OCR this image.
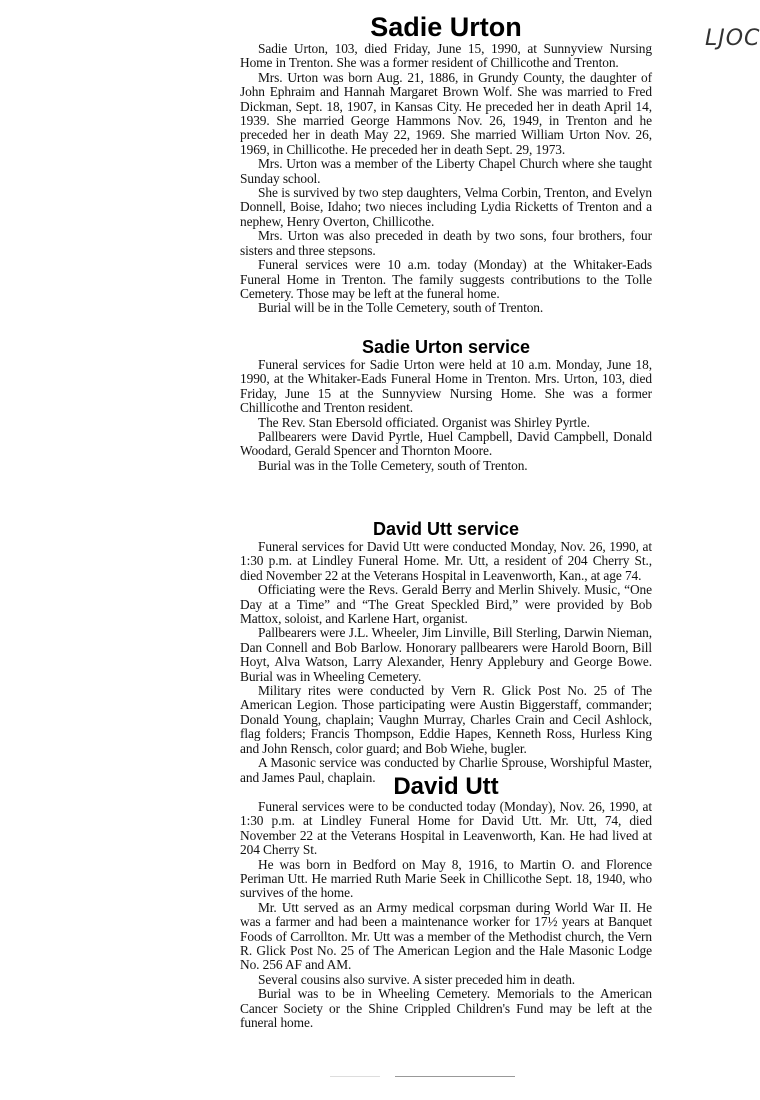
LJOC
Sadie Urton

Sadie Urton, 103, died Friday, June 15, 1990, at Sunnyview Nursing Home in Trenton. She was a former resident of Chillicothe and Trenton.

Mrs. Urton was born Aug. 21, 1886, in Grundy County, the daughter of John Ephraim and Hannah Margaret Brown Wolf. She was married to Fred Dickman, Sept. 18, 1907, in Kansas City. He preceded her in death April 14, 1939. She married George Hammons Nov. 26, 1949, in Trenton and he preceded her in death May 22, 1969. She married William Urton Nov. 26, 1969, in Chillicothe. He preceded her in death Sept. 29, 1973.

Mrs. Urton was a member of the Liberty Chapel Church where she taught Sunday school.

She is survived by two step daughters, Velma Corbin, Trenton, and Evelyn Donnell, Boise, Idaho; two nieces including Lydia Ricketts of Trenton and a nephew, Henry Overton, Chillicothe.

Mrs. Urton was also preceded in death by two sons, four brothers, four sisters and three stepsons.

Funeral services were 10 a.m. today (Monday) at the Whitaker-Eads Funeral Home in Trenton. The family suggests contributions to the Tolle Cemetery. Those may be left at the funeral home.

Burial will be in the Tolle Cemetery, south of Trenton.

Sadie Urton service

Funeral services for Sadie Urton were held at 10 a.m. Monday, June 18, 1990, at the Whitaker-Eads Funeral Home in Trenton. Mrs. Urton, 103, died Friday, June 15 at the Sunnyview Nursing Home. She was a former Chillicothe and Trenton resident.

The Rev. Stan Ebersold officiated. Organist was Shirley Pyrtle.

Pallbearers were David Pyrtle, Huel Campbell, David Campbell, Donald Woodard, Gerald Spencer and Thornton Moore.

Burial was in the Tolle Cemetery, south of Trenton.

David Utt service

Funeral services for David Utt were conducted Monday, Nov. 26, 1990, at 1:30 p.m. at Lindley Funeral Home. Mr. Utt, a resident of 204 Cherry St., died November 22 at the Veterans Hospital in Leavenworth, Kan., at age 74.

Officiating were the Revs. Gerald Berry and Merlin Shively. Music, “One Day at a Time” and “The Great Speckled Bird,” were provided by Bob Mattox, soloist, and Karlene Hart, organist.

Pallbearers were J.L. Wheeler, Jim Linville, Bill Sterling, Darwin Nieman, Dan Connell and Bob Barlow. Honorary pallbearers were Harold Boorn, Bill Hoyt, Alva Watson, Larry Alexander, Henry Applebury and George Bowe. Burial was in Wheeling Cemetery.

Military rites were conducted by Vern R. Glick Post No. 25 of The American Legion. Those participating were Austin Biggerstaff, commander; Donald Young, chaplain; Vaughn Murray, Charles Crain and Cecil Ashlock, flag folders; Francis Thompson, Eddie Hapes, Kenneth Ross, Hurless King and John Rensch, color guard; and Bob Wiehe, bugler.

A Masonic service was conducted by Charlie Sprouse, Worshipful Master, and James Paul, chaplain. David Utt

Funeral services were to be conducted today (Monday), Nov. 26, 1990, at 1:30 p.m. at Lindley Funeral Home for David Utt. Mr. Utt, 74, died November 22 at the Veterans Hospital in Leavenworth, Kan. He had lived at 204 Cherry St.

He was born in Bedford on May 8, 1916, to Martin O. and Florence Periman Utt. He married Ruth Marie Seek in Chillicothe Sept. 18, 1940, who survives of the home.

Mr. Utt served as an Army medical corpsman during World War II. He was a farmer and had been a maintenance worker for 17½ years at Banquet Foods of Carrollton. Mr. Utt was a member of the Methodist church, the Vern R. Glick Post No. 25 of The American Legion and the Hale Masonic Lodge No. 256 AF and AM.

Several cousins also survive. A sister preceded him in death.

Burial was to be in Wheeling Cemetery. Memorials to the American Cancer Society or the Shine Crippled Children's Fund may be left at the funeral home.
